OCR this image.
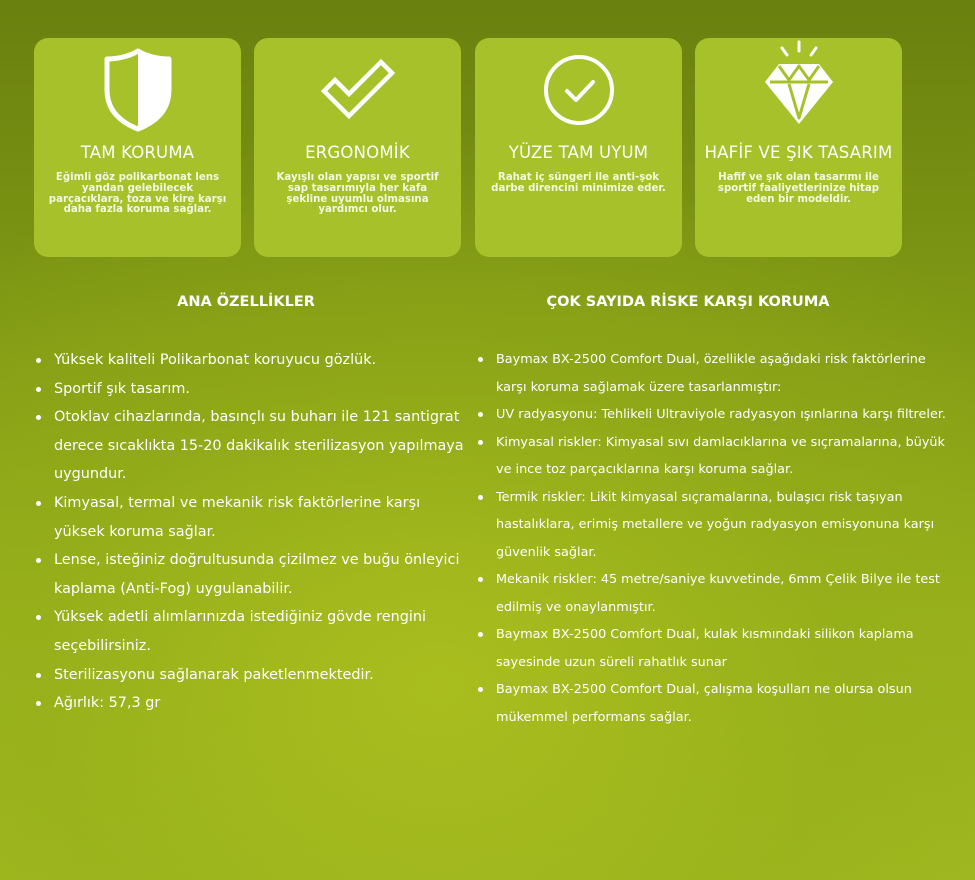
TAM KORUMA
Eğimli göz polikarbonat lens yandan gelebilecek parçacıklara, toza ve kire karşı daha fazla koruma sağlar.
ERGONOMİK
Kayışlı olan yapısı ve sportif sap tasarımıyla her kafa şekline uyumlu olmasına yardımcı olur.
YÜZE TAM UYUM
Rahat iç süngeri ile anti-şok darbe direncini minimize eder.
HAFİF VE ŞIK TASARIM
Hafif ve şık olan tasarımı ile sportif faaliyetlerinize hitap eden bir modeldir.
ANA ÖZELLİKLER	ÇOK SAYIDA RİSKE KARŞI KORUMA
Yüksek kaliteli Polikarbonat koruyucu gözlük.
Sportif şık tasarım.
Otoklav cihazlarında, basınçlı su buharı ile 121 santigrat derece sıcaklıkta 15-20 dakikalık sterilizasyon yapılmaya uygundur.
Kimyasal, termal ve mekanik risk faktörlerine karşı yüksek koruma sağlar.
Lense, isteğiniz doğrultusunda çizilmez ve buğu önleyici kaplama (Anti-Fog) uygulanabilir.
Yüksek adetli alımlarınızda istediğiniz gövde rengini seçebilirsiniz.
Sterilizasyonu sağlanarak paketlenmektedir.
Ağırlık: 57,3 gr
Baymax BX-2500 Comfort Dual, özellikle aşağıdaki risk faktörlerine karşı koruma sağlamak üzere tasarlanmıştır:
UV radyasyonu: Tehlikeli Ultraviyole radyasyon ışınlarına karşı filtreler.
Kimyasal riskler: Kimyasal sıvı damlacıklarına ve sıçramalarına, büyük ve ince toz parçacıklarına karşı koruma sağlar.
Termik riskler: Likit kimyasal sıçramalarına, bulaşıcı risk taşıyan hastalıklara, erimiş metallere ve yoğun radyasyon emisyonuna karşı güvenlik sağlar.
Mekanik riskler: 45 metre/saniye kuvvetinde, 6mm Çelik Bilye ile test edilmiş ve onaylanmıştır.
Baymax BX-2500 Comfort Dual, kulak kısmındaki silikon kaplama sayesinde uzun süreli rahatlık sunar
Baymax BX-2500 Comfort Dual, çalışma koşulları ne olursa olsun mükemmel performans sağlar.
